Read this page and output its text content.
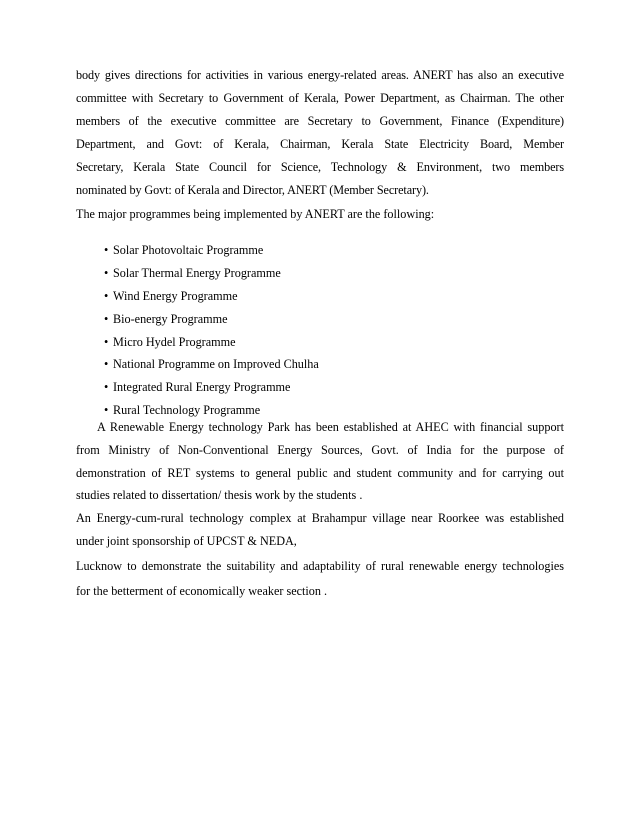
body gives directions for activities in various energy-related areas. ANERT has also an executive
committee with Secretary to Government of Kerala, Power Department, as Chairman. The other
members of the executive committee are Secretary to Government, Finance (Expenditure)
Department, and Govt: of Kerala, Chairman, Kerala State Electricity Board, Member
Secretary, Kerala State Council for Science, Technology & Environment, two members
nominated by Govt: of Kerala and Director, ANERT (Member Secretary).

The major programmes being implemented by ANERT are the following:

• Solar Photovoltaic Programme
• Solar Thermal Energy Programme
• Wind Energy Programme
• Bio-energy Programme
• Micro Hydel Programme
• National Programme on Improved Chulha
• Integrated Rural Energy Programme
• Rural Technology Programme
A Renewable Energy technology Park has been established at AHEC with financial support
from Ministry of Non-Conventional Energy Sources, Govt. of India for the purpose of
demonstration of RET systems to general public and student community and for carrying out
studies related to dissertation/ thesis work by the students .
An Energy-cum-rural technology complex at Brahampur village near Roorkee was established
under joint sponsorship of UPCST & NEDA,
Lucknow to demonstrate the suitability and adaptability of rural renewable energy technologies
for the betterment of economically weaker section .
